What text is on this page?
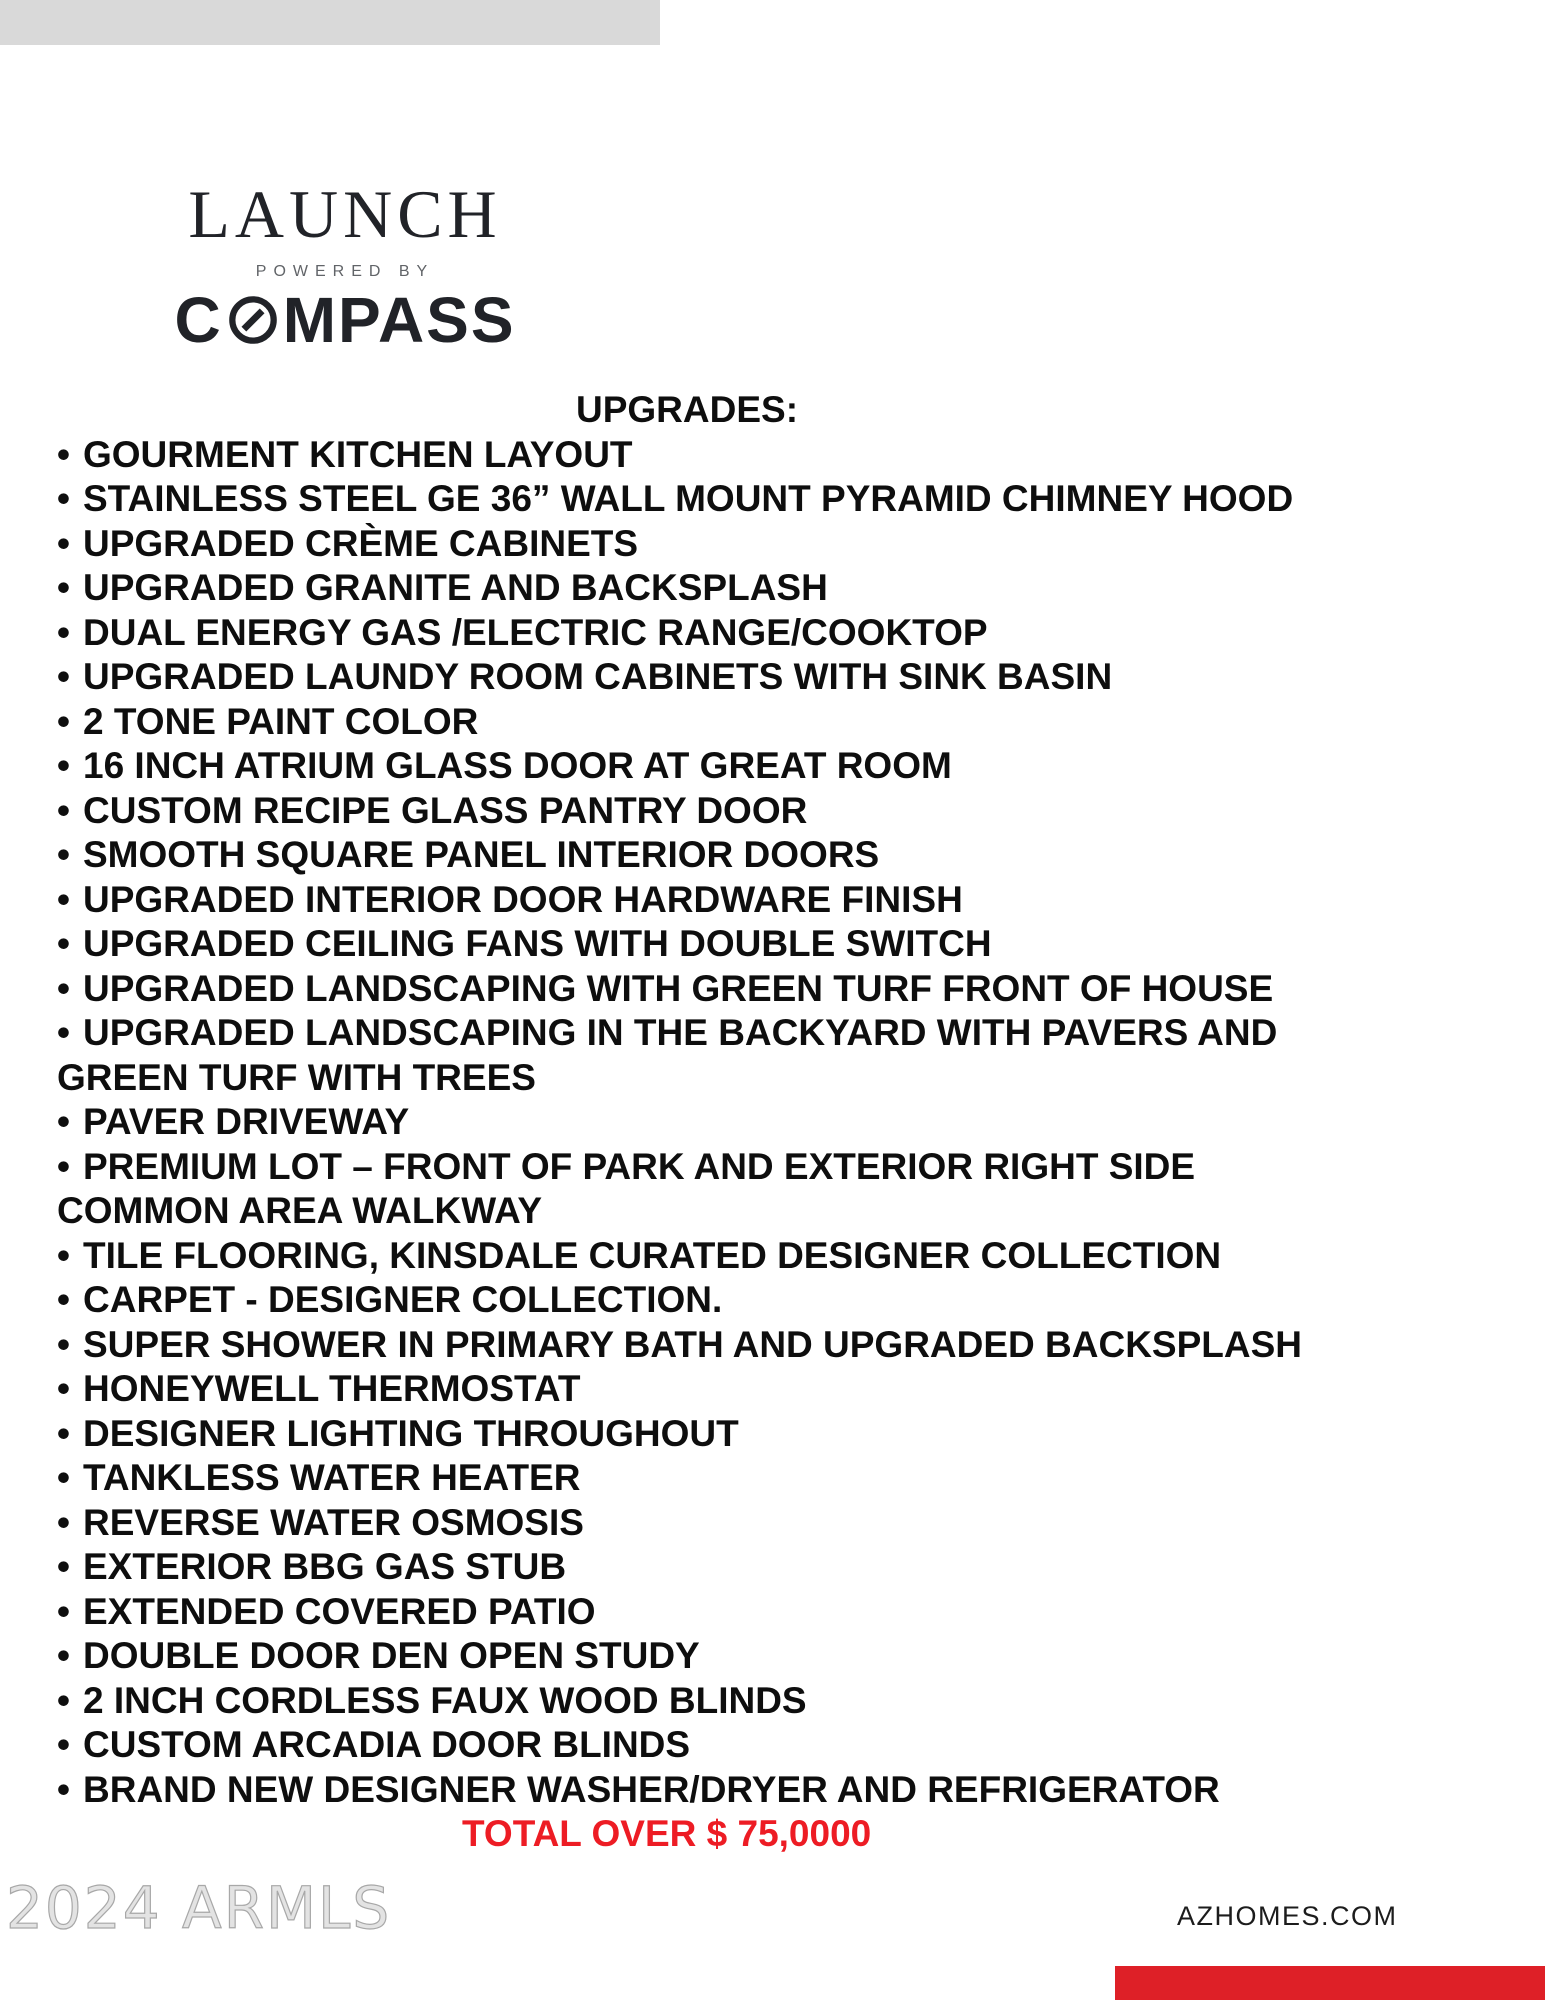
LAUNCH
POWERED BY
C MPASS
UPGRADES:
• GOURMENT KITCHEN LAYOUT
• STAINLESS STEEL GE 36” WALL MOUNT PYRAMID CHIMNEY HOOD
• UPGRADED CRÈME CABINETS
• UPGRADED GRANITE AND BACKSPLASH
• DUAL ENERGY GAS /ELECTRIC RANGE/COOKTOP
• UPGRADED LAUNDY ROOM CABINETS WITH SINK BASIN
• 2 TONE PAINT COLOR
• 16 INCH ATRIUM GLASS DOOR AT GREAT ROOM
• CUSTOM RECIPE GLASS PANTRY DOOR
• SMOOTH SQUARE PANEL INTERIOR DOORS
• UPGRADED INTERIOR DOOR HARDWARE FINISH
• UPGRADED CEILING FANS WITH DOUBLE SWITCH
• UPGRADED LANDSCAPING WITH GREEN TURF FRONT OF HOUSE
• UPGRADED LANDSCAPING IN THE BACKYARD WITH PAVERS AND
GREEN TURF WITH TREES
• PAVER DRIVEWAY
• PREMIUM LOT – FRONT OF PARK AND EXTERIOR RIGHT SIDE
COMMON AREA WALKWAY
• TILE FLOORING, KINSDALE CURATED DESIGNER COLLECTION
• CARPET - DESIGNER COLLECTION.
• SUPER SHOWER IN PRIMARY BATH AND UPGRADED BACKSPLASH
• HONEYWELL THERMOSTAT
• DESIGNER LIGHTING THROUGHOUT
• TANKLESS WATER HEATER
• REVERSE WATER OSMOSIS
• EXTERIOR BBG GAS STUB
• EXTENDED COVERED PATIO
• DOUBLE DOOR DEN OPEN STUDY
• 2 INCH CORDLESS FAUX WOOD BLINDS
• CUSTOM ARCADIA DOOR BLINDS
• BRAND NEW DESIGNER WASHER/DRYER AND REFRIGERATOR
TOTAL OVER $ 75,0000
2024 ARMLS	AZHOMES.COM
